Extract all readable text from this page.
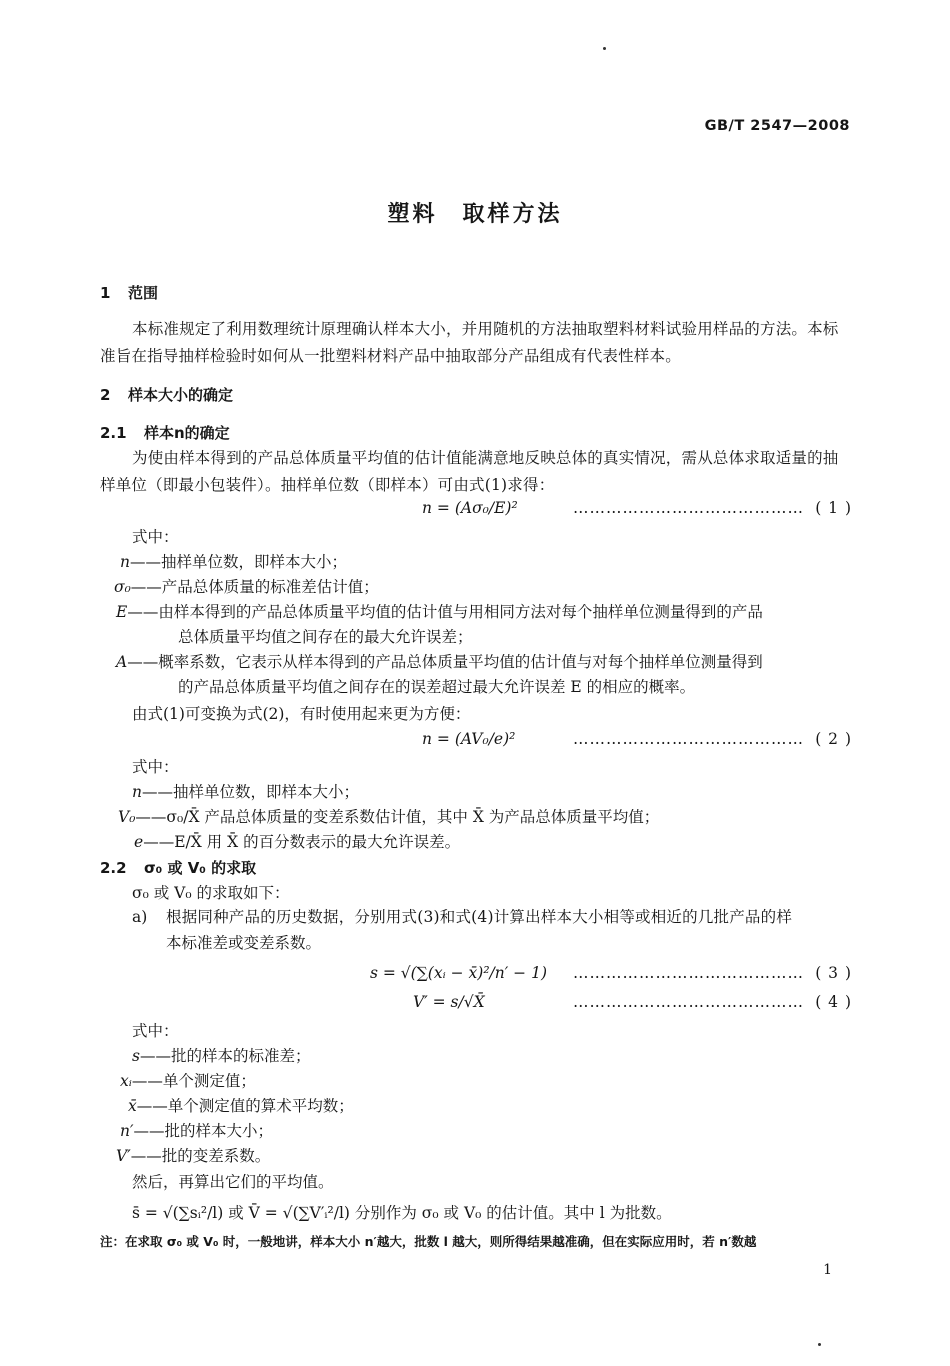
GB/T 2547—2008
塑料　取样方法
1 范围
本标准规定了利用数理统计原理确认样本大小，并用随机的方法抽取塑料材料试验用样品的方法。本标准旨在指导抽样检验时如何从一批塑料材料产品中抽取部分产品组成有代表性样本。
2 样本大小的确定
2.1 样本n的确定
为使由样本得到的产品总体质量平均值的估计值能满意地反映总体的真实情况，需从总体求取适量的抽样单位（即最小包装件）。抽样单位数（即样本）可由式(1)求得：
n = (Aσ₀/E)²	…………………………………… ( 1 )
式中：
n——抽样单位数，即样本大小；
σ₀——产品总体质量的标准差估计值；
E——由样本得到的产品总体质量平均值的估计值与用相同方法对每个抽样单位测量得到的产品
总体质量平均值之间存在的最大允许误差；
A——概率系数，它表示从样本得到的产品总体质量平均值的估计值与对每个抽样单位测量得到
的产品总体质量平均值之间存在的误差超过最大允许误差 E 的相应的概率。
由式(1)可变换为式(2)，有时使用起来更为方便：
n = (AV₀/e)²	…………………………………… ( 2 )
式中：
n——抽样单位数，即样本大小；
V₀——σ₀/X̄ 产品总体质量的变差系数估计值，其中 X̄ 为产品总体质量平均值；
e——E/X̄ 用 X̄ 的百分数表示的最大允许误差。
2.2 σ₀ 或 V₀ 的求取
σ₀ 或 V₀ 的求取如下：
a) 根据同种产品的历史数据，分别用式(3)和式(4)计算出样本大小相等或相近的几批产品的样
本标准差或变差系数。
s = √(∑(xᵢ − x̄)²/n′ − 1) …………………………………… ( 3 )
V′ = s/√X̄	…………………………………… ( 4 )
式中：
s——批的样本的标准差；
xᵢ——单个测定值；
x̄——单个测定值的算术平均数；
n′——批的样本大小；
V′——批的变差系数。
然后，再算出它们的平均值。
s̄ = √(∑sᵢ²/l) 或 V̄ = √(∑V′ᵢ²/l) 分别作为 σ₀ 或 V₀ 的估计值。其中 l 为批数。
注：在求取 σ₀ 或 V₀ 时，一般地讲，样本大小 n′越大，批数 l 越大，则所得结果越准确，但在实际应用时，若 n′数越
1
